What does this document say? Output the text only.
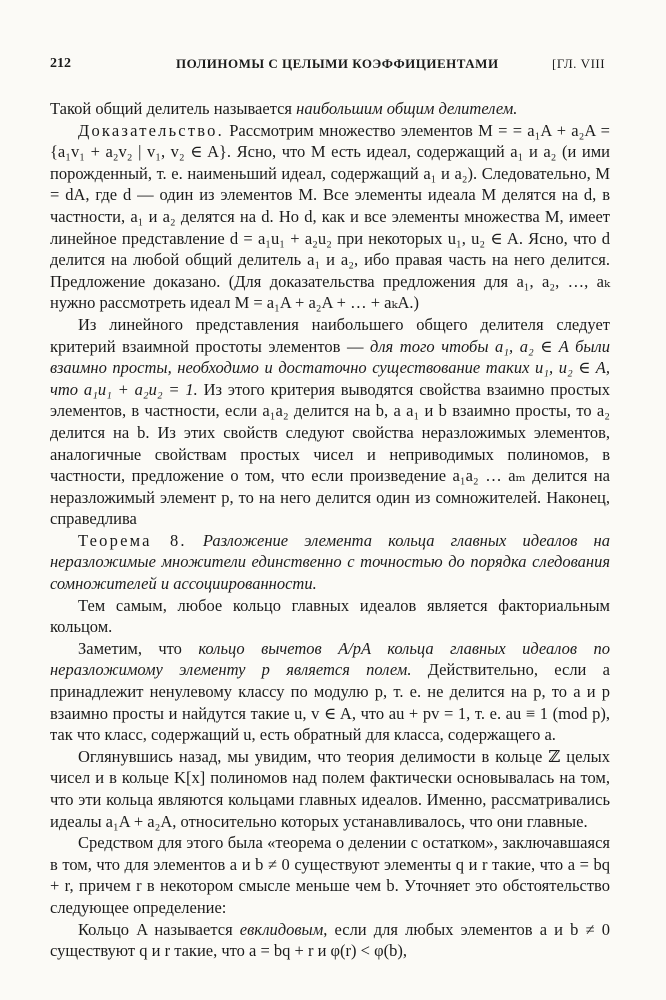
212	ПОЛИНОМЫ С ЦЕЛЫМИ КОЭФФИЦИЕНТАМИ	[ГЛ. VIII

Такой общий делитель называется наибольшим общим делителем.

Доказательство. Рассмотрим множество элементов M = = a₁A + a₂A = {a₁v₁ + a₂v₂ | v₁, v₂ ∈ A}. Ясно, что M есть идеал, содержащий a₁ и a₂ (и ими порожденный, т. е. наименьший идеал, содержащий a₁ и a₂). Следовательно, M = dA, где d — один из элементов M. Все элементы идеала M делятся на d, в частности, a₁ и a₂ делятся на d. Но d, как и все элементы множества M, имеет линейное представление d = a₁u₁ + a₂u₂ при некоторых u₁, u₂ ∈ A. Ясно, что d делится на любой общий делитель a₁ и a₂, ибо правая часть на него делится. Предложение доказано. (Для доказательства предложения для a₁, a₂, …, aₖ нужно рассмотреть идеал M = a₁A + a₂A + … + aₖA.)

Из линейного представления наибольшего общего делителя следует критерий взаимной простоты элементов — для того чтобы a₁, a₂ ∈ A были взаимно просты, необходимо и достаточно существование таких u₁, u₂ ∈ A, что a₁u₁ + a₂u₂ = 1. Из этого критерия выводятся свойства взаимно простых элементов, в частности, если a₁a₂ делится на b, а a₁ и b взаимно просты, то a₂ делится на b. Из этих свойств следуют свойства неразложимых элементов, аналогичные свойствам простых чисел и неприводимых полиномов, в частности, предложение о том, что если произведение a₁a₂ … aₘ делится на неразложимый элемент p, то на него делится один из сомножителей. Наконец, справедлива

Теорема 8. Разложение элемента кольца главных идеалов на неразложимые множители единственно с точностью до порядка следования сомножителей и ассоциированности.

Тем самым, любое кольцо главных идеалов является факториальным кольцом.

Заметим, что кольцо вычетов A/pA кольца главных идеалов по неразложимому элементу p является полем. Действительно, если a принадлежит ненулевому классу по модулю p, т. е. не делится на p, то a и p взаимно просты и найдутся такие u, v ∈ A, что au + pv = 1, т. е. au ≡ 1 (mod p), так что класс, содержащий u, есть обратный для класса, содержащего a.

Оглянувшись назад, мы увидим, что теория делимости в кольце ℤ целых чисел и в кольце K[x] полиномов над полем фактически основывалась на том, что эти кольца являются кольцами главных идеалов. Именно, рассматривались идеалы a₁A + a₂A, относительно которых устанавливалось, что они главные.

Средством для этого была «теорема о делении с остатком», заключавшаяся в том, что для элементов a и b ≠ 0 существуют элементы q и r такие, что a = bq + r, причем r в некотором смысле меньше чем b. Уточняет это обстоятельство следующее определение:

Кольцо A называется евклидовым, если для любых элементов a и b ≠ 0 существуют q и r такие, что a = bq + r и φ(r) < φ(b),
